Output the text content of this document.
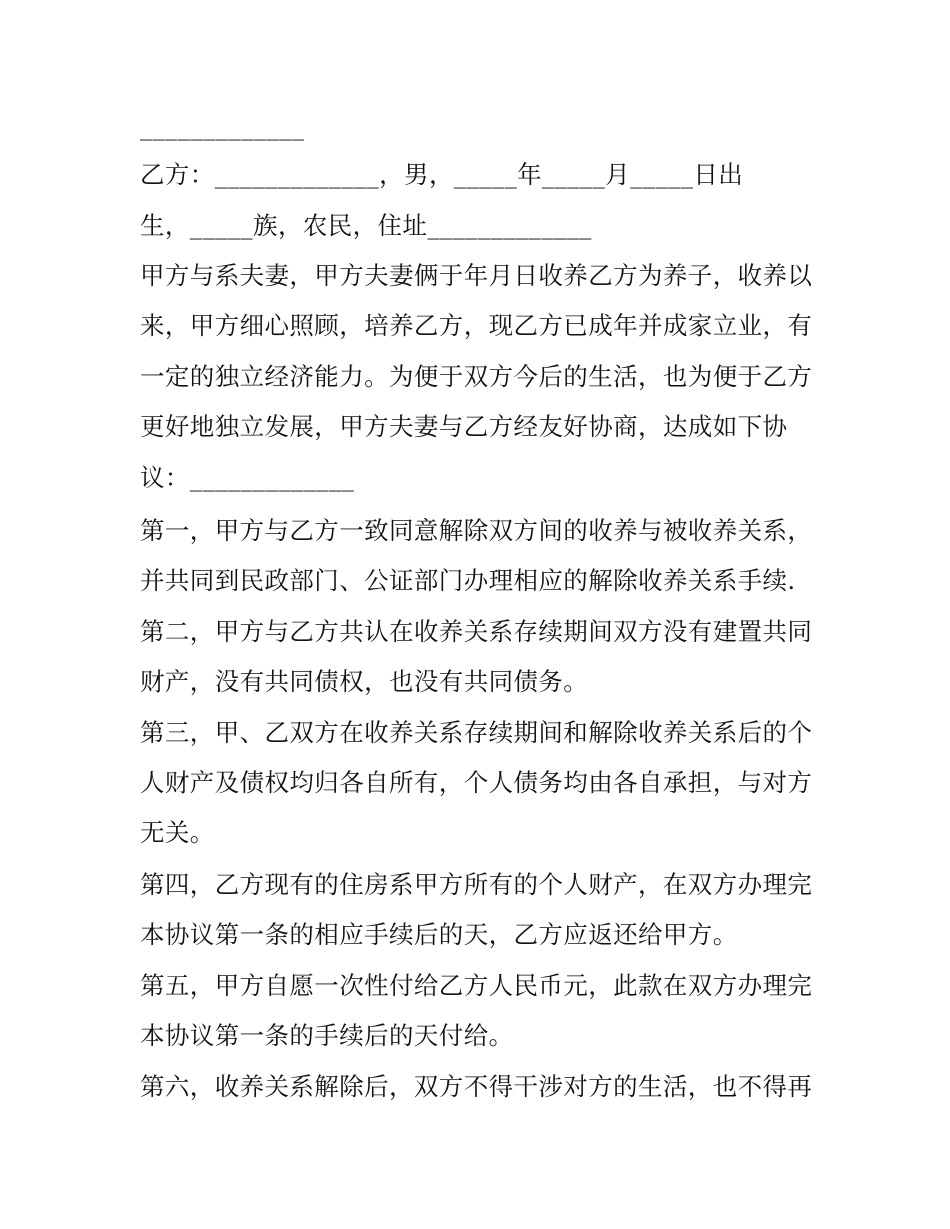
_____________
乙方：_____________，男，_____年_____月_____日出
生，_____族，农民，住址_____________
甲方与系夫妻，甲方夫妻俩于年月日收养乙方为养子，收养以
来，甲方细心照顾，培养乙方，现乙方已成年并成家立业，有
一定的独立经济能力。为便于双方今后的生活，也为便于乙方
更好地独立发展，甲方夫妻与乙方经友好协商，达成如下协
议：_____________
第一，甲方与乙方一致同意解除双方间的收养与被收养关系，
并共同到民政部门、公证部门办理相应的解除收养关系手续.
第二，甲方与乙方共认在收养关系存续期间双方没有建置共同
财产，没有共同债权，也没有共同债务。
第三，甲、乙双方在收养关系存续期间和解除收养关系后的个
人财产及债权均归各自所有，个人债务均由各自承担，与对方
无关。
第四，乙方现有的住房系甲方所有的个人财产，在双方办理完
本协议第一条的相应手续后的天，乙方应返还给甲方。
第五，甲方自愿一次性付给乙方人民币元，此款在双方办理完
本协议第一条的手续后的天付给。
第六，收养关系解除后，双方不得干涉对方的生活，也不得再
